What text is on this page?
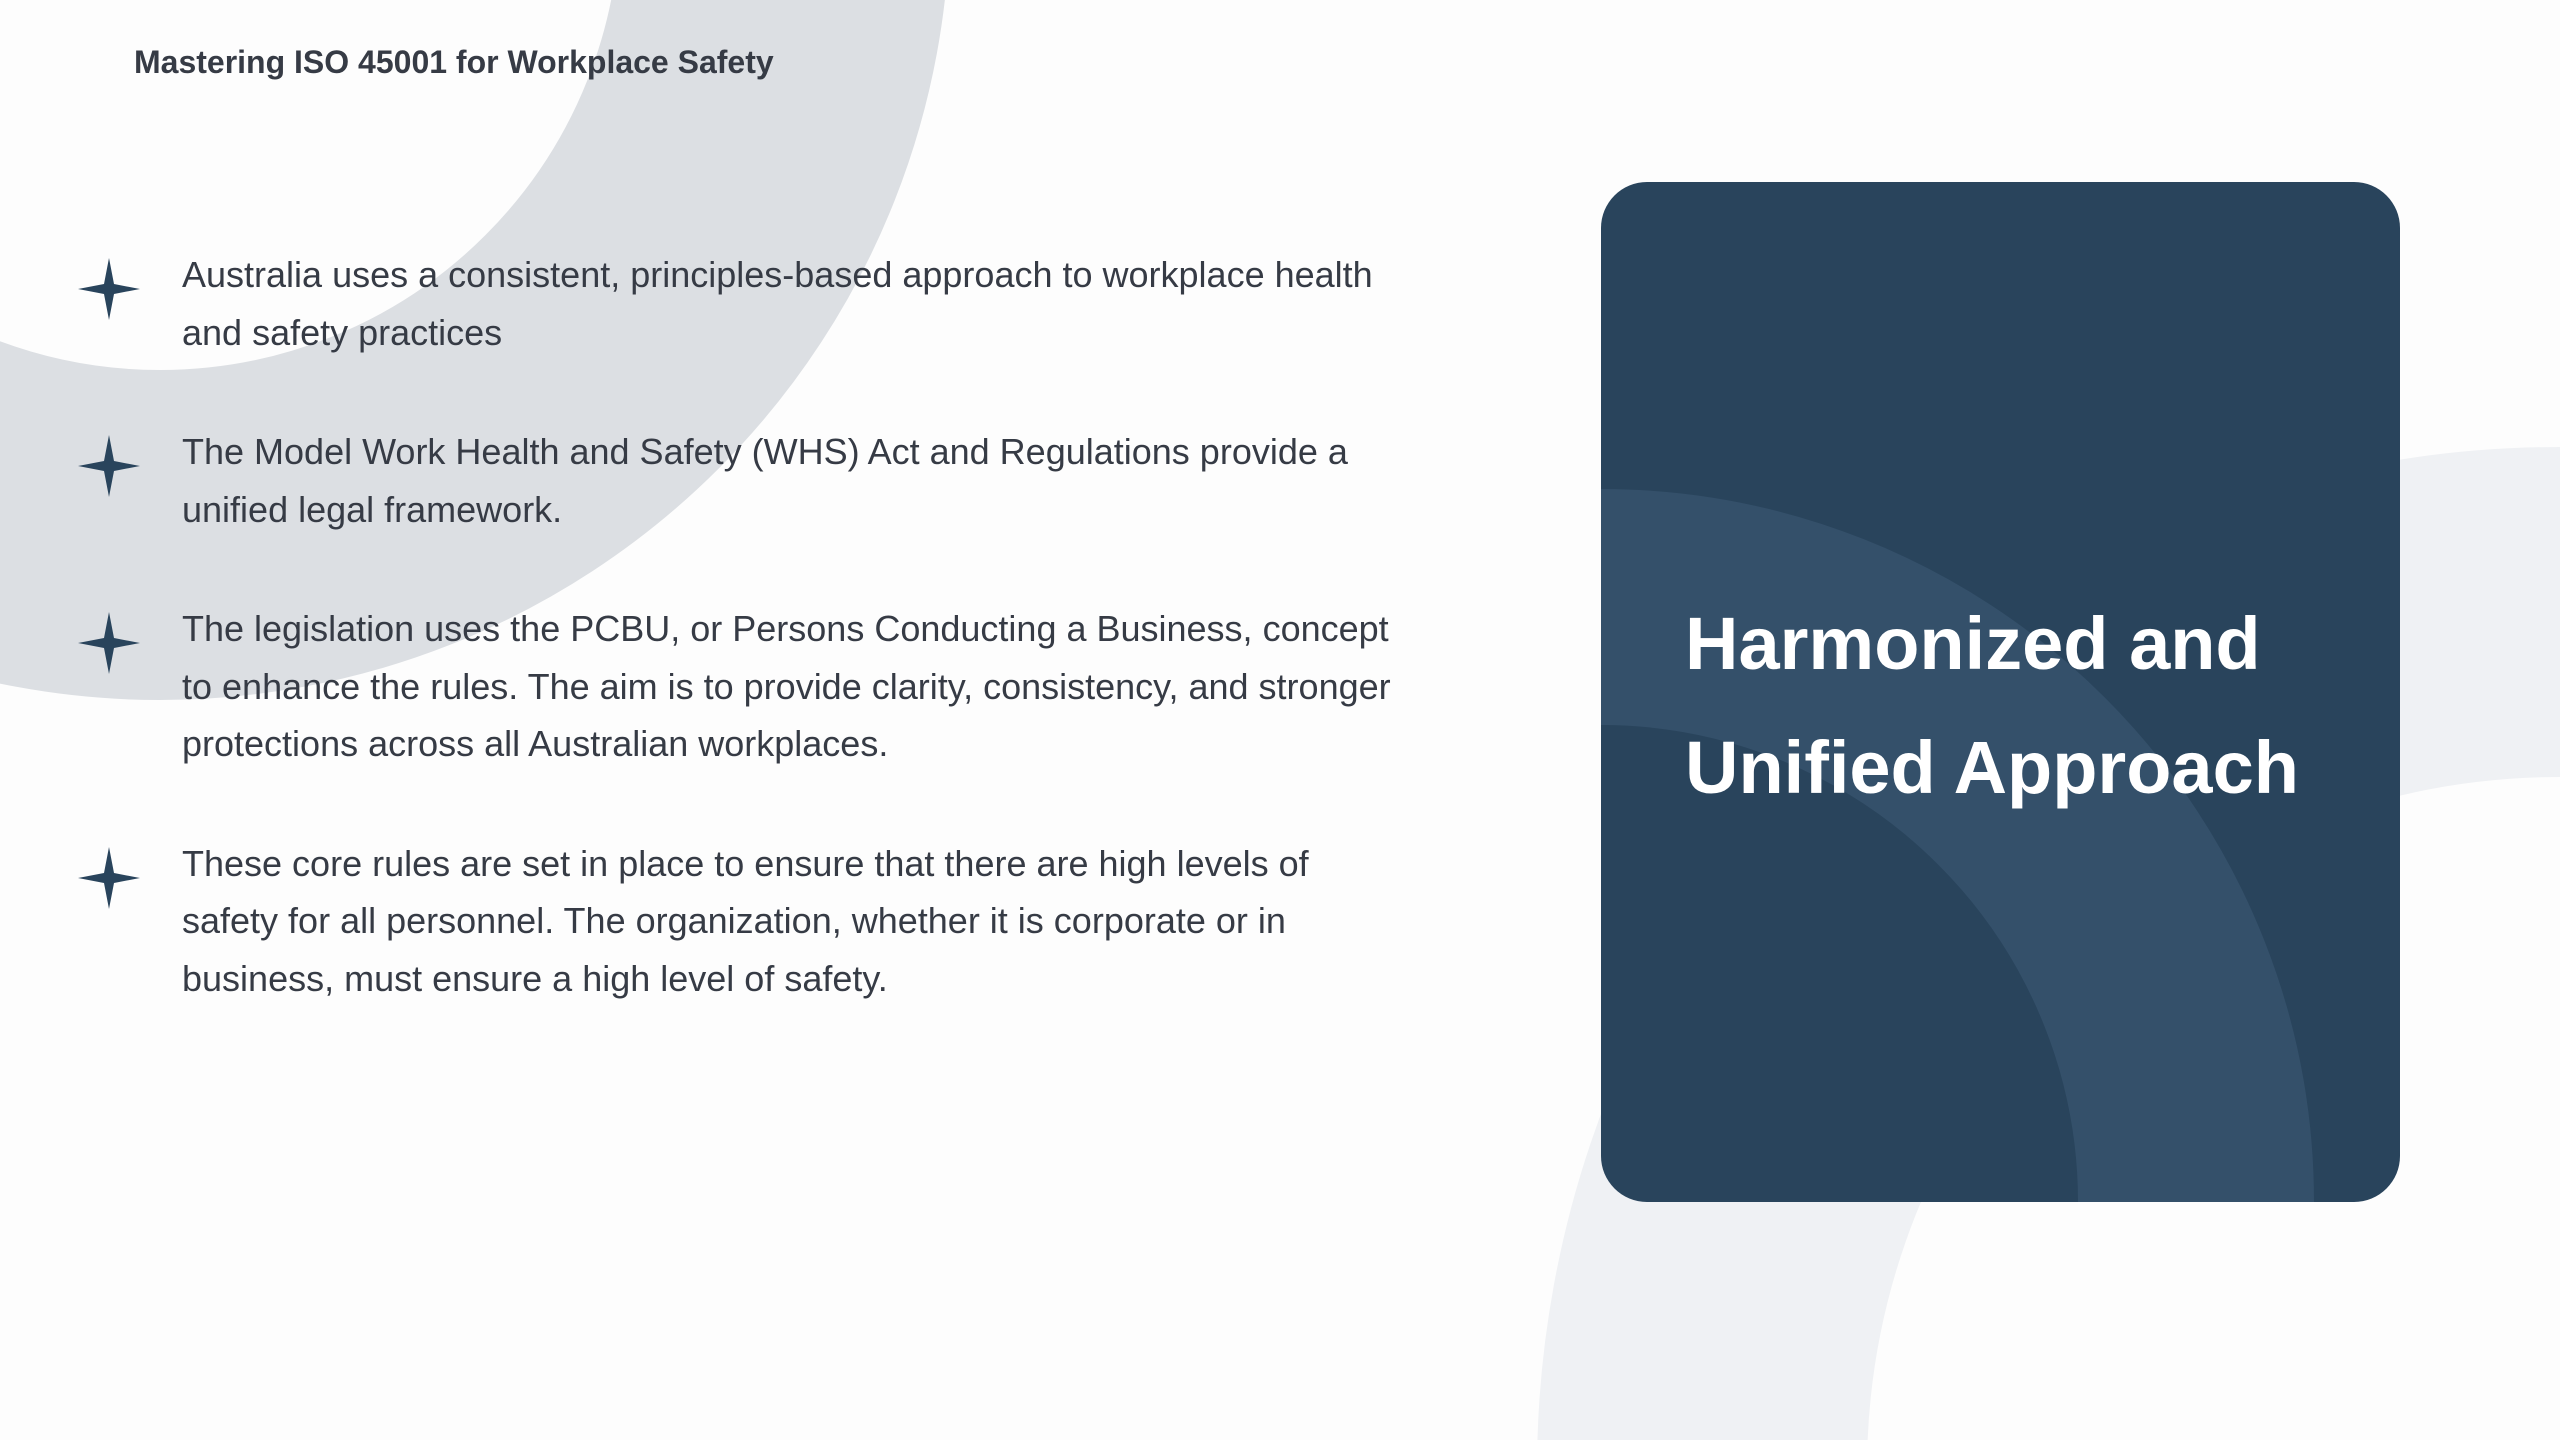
Mastering ISO 45001 for Workplace Safety
Australia uses a consistent, principles-based approach to workplace health and safety practices
The Model Work Health and Safety (WHS) Act and Regulations provide a unified legal framework.
The legislation uses the PCBU, or Persons Conducting a Business, concept to enhance the rules. The aim is to provide clarity, consistency, and stronger protections across all Australian workplaces.
These core rules are set in place to ensure that there are high levels of safety for all personnel. The organization, whether it is corporate or in business, must ensure a high level of safety.
Harmonized and Unified Approach
